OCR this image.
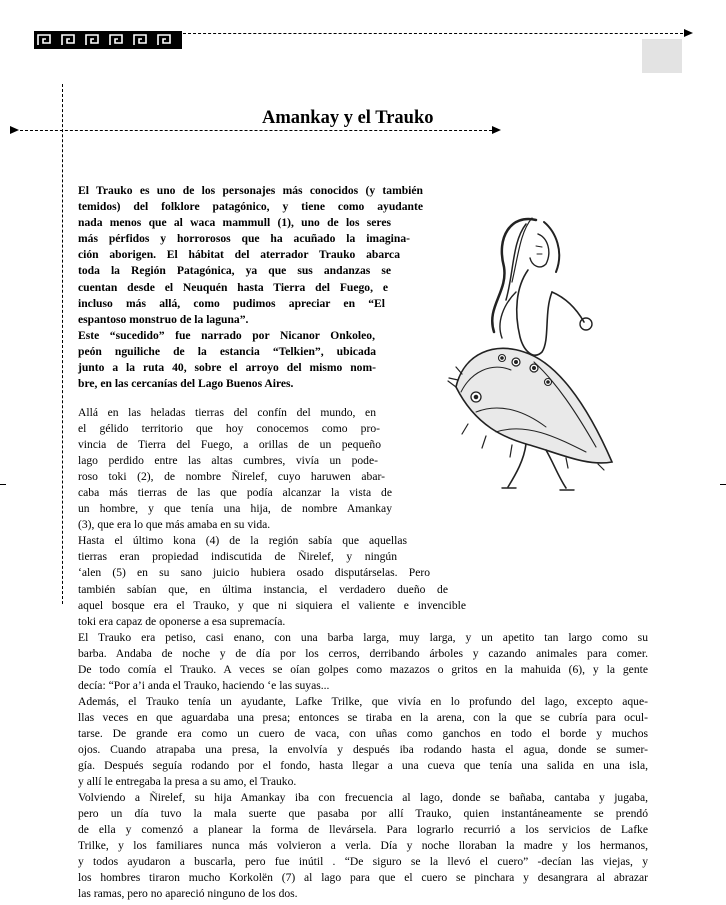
Amankay y el Trauko
El Trauko es uno de los personajes más conocidos (y también
temidos) del folklore patagónico, y tiene como ayudante
nada menos que al waca mammull (1), uno de los seres
más pérfidos y horrorosos que ha acuñado la imagina-
ción aborigen. El hábitat del aterrador Trauko abarca
toda la Región Patagónica, ya que sus andanzas se
cuentan desde el Neuquén hasta Tierra del Fuego, e
incluso más allá, como pudimos apreciar en “El
espantoso monstruo de la laguna”.
Este “sucedido” fue narrado por Nicanor Onkoleo,
peón nguiliche de la estancia “Telkien”, ubicada
junto a la ruta 40, sobre el arroyo del mismo nom-
bre, en las cercanías del Lago Buenos Aires.
Allá en las heladas tierras del confín del mundo, en
el gélido territorio que hoy conocemos como pro-
vincia de Tierra del Fuego, a orillas de un pequeño
lago perdido entre las altas cumbres, vivía un pode-
roso toki (2), de nombre Ñirelef, cuyo haruwen abar-
caba más tierras de las que podía alcanzar la vista de
un hombre, y que tenía una hija, de nombre Amankay
(3), que era lo que más amaba en su vida.
Hasta el último kona (4) de la región sabía que aquellas
tierras eran propiedad indiscutida de Ñirelef, y ningún
‘alen (5) en su sano juicio hubiera osado disputárselas. Pero
también sabían que, en última instancia, el verdadero dueño de
aquel bosque era el Trauko, y que ni siquiera el valiente e invencible
toki era capaz de oponerse a esa supremacía.
El Trauko era petiso, casi enano, con una barba larga, muy larga, y un apetito tan largo como su
barba. Andaba de noche y de día por los cerros, derribando árboles y cazando animales para comer.
De todo comía el Trauko. A veces se oían golpes como mazazos o gritos en la mahuida (6), y la gente
decía: “Por a’i anda el Trauko, haciendo ‘e las suyas...
Además, el Trauko tenía un ayudante, Lafke Trilke, que vivía en lo profundo del lago, excepto aque-
llas veces en que aguardaba una presa; entonces se tiraba en la arena, con la que se cubría para ocul-
tarse. De grande era como un cuero de vaca, con uñas como ganchos en todo el borde y muchos
ojos. Cuando atrapaba una presa, la envolvía y después iba rodando hasta el agua, donde se sumer-
gía. Después seguía rodando por el fondo, hasta llegar a una cueva que tenía una salida en una isla,
y allí le entregaba la presa a su amo, el Trauko.
Volviendo a Ñirelef, su hija Amankay iba con frecuencia al lago, donde se bañaba, cantaba y jugaba,
pero un día tuvo la mala suerte que pasaba por allí Trauko, quien instantáneamente se prendó
de ella y comenzó a planear la forma de llevársela. Para lograrlo recurrió a los servicios de Lafke
Trilke, y los familiares nunca más volvieron a verla. Día y noche lloraban la madre y los hermanos,
y todos ayudaron a buscarla, pero fue inútil . “De siguro se la llevó el cuero” -decían las viejas, y
los hombres tiraron mucho Korkolën (7) al lago para que el cuero se pinchara y desangrara al abrazar
las ramas, pero no apareció ninguno de los dos.
